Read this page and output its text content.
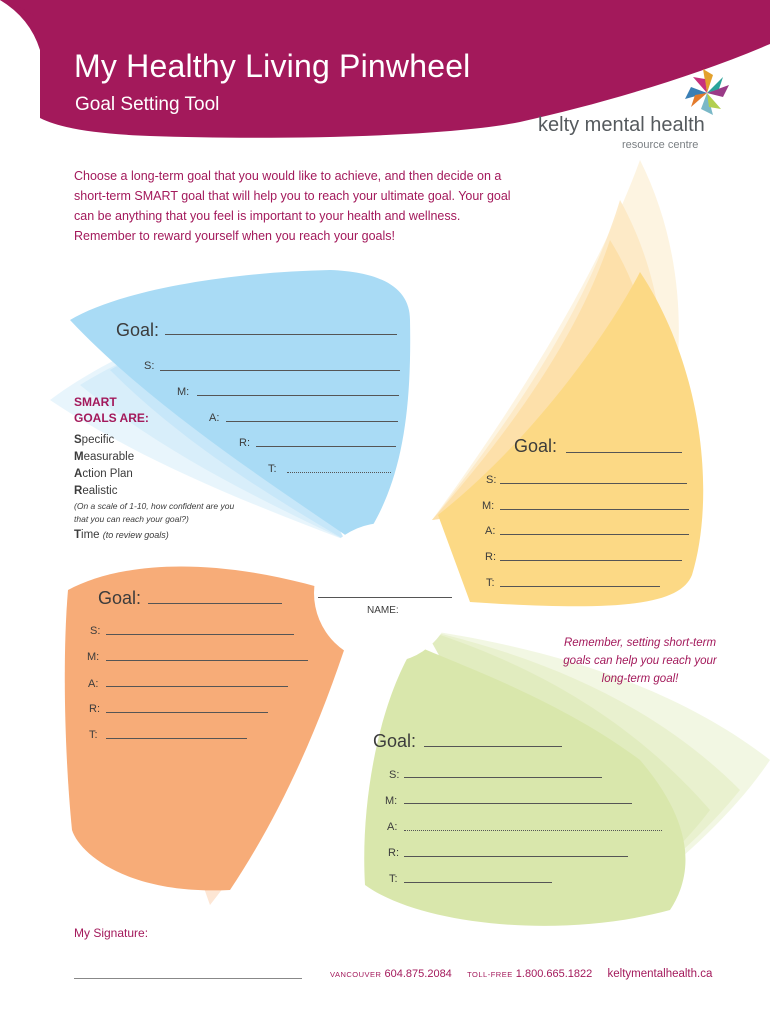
My Healthy Living Pinwheel
Goal Setting Tool
kelty mental health
resource centre

Choose a long-term goal that you would like to achieve, and then decide on a short-term SMART goal that will help you to reach your ultimate goal. Your goal can be anything that you feel is important to your health and wellness. Remember to reward yourself when you reach your goals!

Goal:
S:
M:
A:
R:
T:
SMART
GOALS ARE:
Specific
Measurable
Action Plan
Realistic
(On a scale of 1-10, how confident are you that you can reach your goal?)
Time (to review goals)
Goal:
S:
M:
A:
R:
T:
NAME:
Goal:
S:
M:
A:
R:
T:

Remember, setting short-term goals can help you reach your long-term goal!

Goal:
S:
M:
A:
R:
T:
My Signature:
VANCOUVER 604.875.2084 TOLL-FREE 1.800.665.1822 keltymentalhealth.ca
